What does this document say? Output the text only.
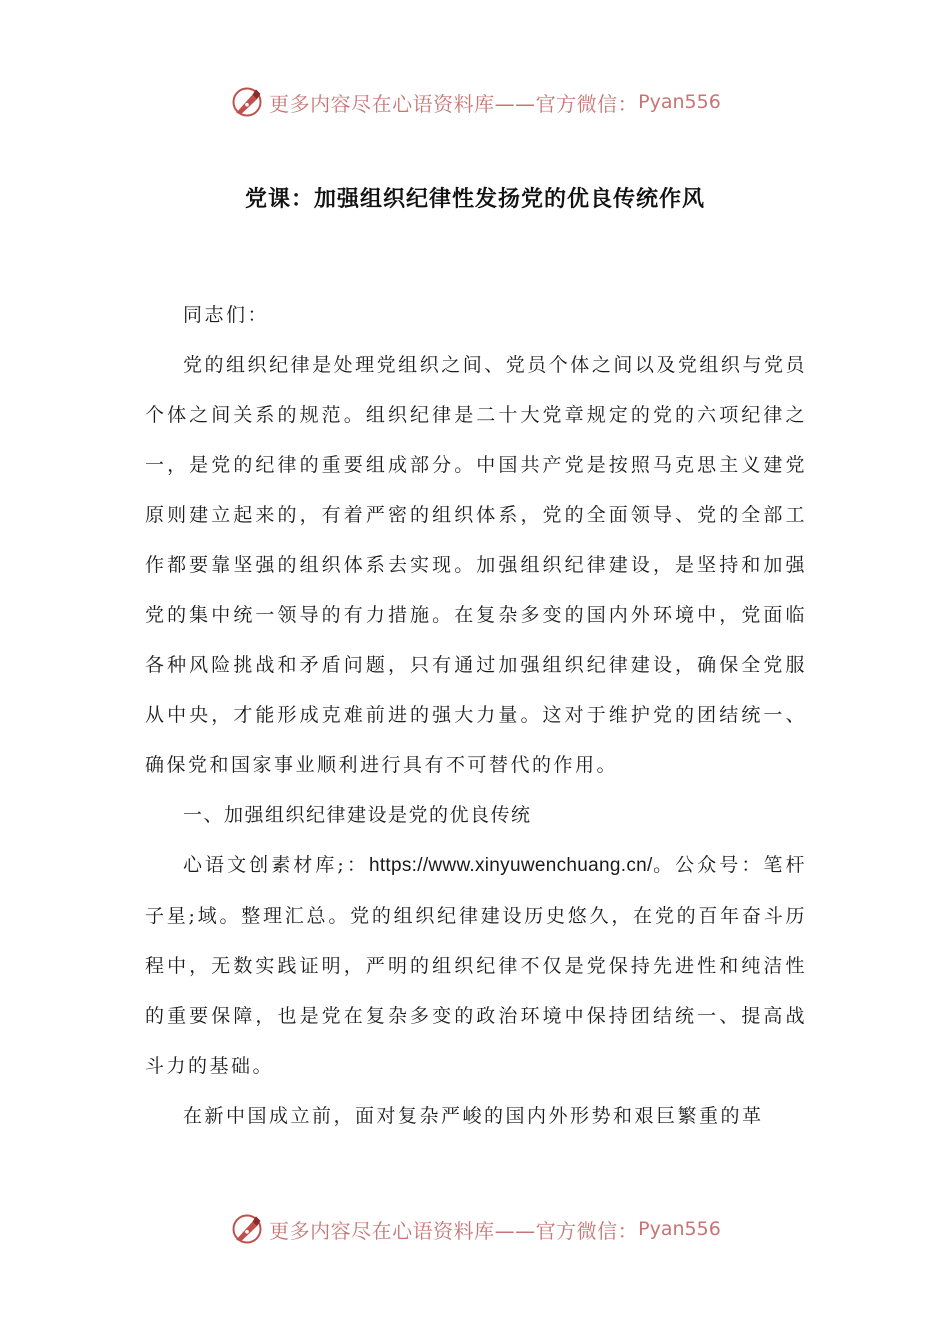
更多内容尽在心语资料库——官方微信： Pyan556
党课：加强组织纪律性发扬党的优良传统作风

同志们：

党的组织纪律是处理党组织之间、党员个体之间以及党组织与党员个体之间关系的规范。组织纪律是二十大党章规定的党的六项纪律之一，是党的纪律的重要组成部分。中国共产党是按照马克思主义建党原则建立起来的，有着严密的组织体系，党的全面领导、党的全部工作都要靠坚强的组织体系去实现。加强组织纪律建设，是坚持和加强党的集中统一领导的有力措施。在复杂多变的国内外环境中，党面临各种风险挑战和矛盾问题，只有通过加强组织纪律建设，确保全党服从中央，才能形成克难前进的强大力量。这对于维护党的团结统一、确保党和国家事业顺利进行具有不可替代的作用。

一、加强组织纪律建设是党的优良传统

心语文创素材库;：https://www.xinyuwenchuang.cn/。公众号：笔杆子星;域。整理汇总。党的组织纪律建设历史悠久，在党的百年奋斗历程中，无数实践证明，严明的组织纪律不仅是党保持先进性和纯洁性的重要保障，也是党在复杂多变的政治环境中保持团结统一、提高战斗力的基础。

在新中国成立前，面对复杂严峻的国内外形势和艰巨繁重的革

更多内容尽在心语资料库——官方微信： Pyan556
